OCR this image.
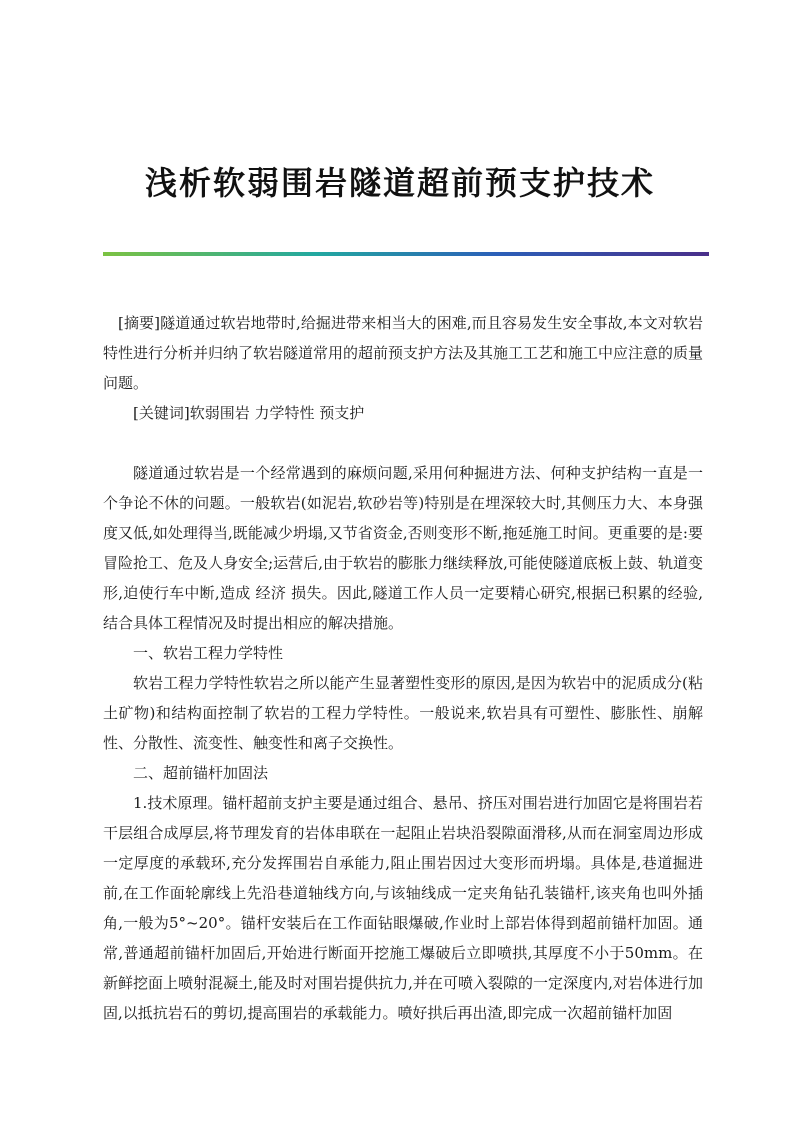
浅析软弱围岩隧道超前预支护技术

[摘要]隧道通过软岩地带时,给掘进带来相当大的困难,而且容易发生安全事故,本文对软岩特性进行分析并归纳了软岩隧道常用的超前预支护方法及其施工工艺和施工中应注意的质量问题。

[关键词]软弱围岩 力学特性 预支护

隧道通过软岩是一个经常遇到的麻烦问题,采用何种掘进方法、何种支护结构一直是一个争论不休的问题。一般软岩(如泥岩,软砂岩等)特别是在埋深较大时,其侧压力大、本身强度又低,如处理得当,既能减少坍塌,又节省资金,否则变形不断,拖延施工时间。更重要的是:要冒险抢工、危及人身安全;运营后,由于软岩的膨胀力继续释放,可能使隧道底板上鼓、轨道变形,迫使行车中断,造成 经济 损失。因此,隧道工作人员一定要精心研究,根据已积累的经验,结合具体工程情况及时提出相应的解决措施。

一、软岩工程力学特性

软岩工程力学特性软岩之所以能产生显著塑性变形的原因,是因为软岩中的泥质成分(粘土矿物)和结构面控制了软岩的工程力学特性。一般说来,软岩具有可塑性、膨胀性、崩解性、分散性、流变性、触变性和离子交换性。

二、超前锚杆加固法

1.技术原理。锚杆超前支护主要是通过组合、悬吊、挤压对围岩进行加固它是将围岩若干层组合成厚层,将节理发育的岩体串联在一起阻止岩块沿裂隙面滑移,从而在洞室周边形成一定厚度的承载环,充分发挥围岩自承能力,阻止围岩因过大变形而坍塌。具体是,巷道掘进前,在工作面轮廓线上先沿巷道轴线方向,与该轴线成一定夹角钻孔装锚杆,该夹角也叫外插角,一般为5°~20°。锚杆安装后在工作面钻眼爆破,作业时上部岩体得到超前锚杆加固。通常,普通超前锚杆加固后,开始进行断面开挖施工爆破后立即喷拱,其厚度不小于50mm。在新鲜挖面上喷射混凝土,能及时对围岩提供抗力,并在可喷入裂隙的一定深度内,对岩体进行加固,以抵抗岩石的剪切,提高围岩的承载能力。喷好拱后再出渣,即完成一次超前锚杆加固
